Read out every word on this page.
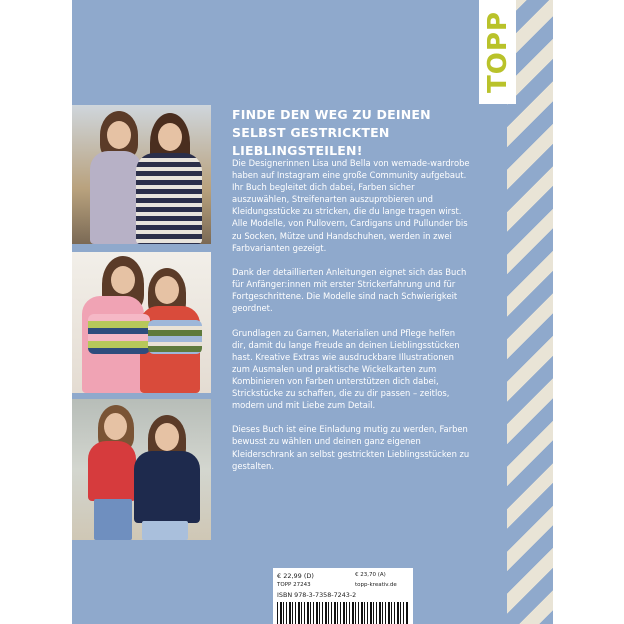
TOPP
FINDE DEN WEG ZU DEINEN SELBST GESTRICKTEN LIEBLINGSTEILEN!

Die Designerinnen Lisa und Bella von wemade-wardrobe haben auf Instagram eine große Community aufgebaut. Ihr Buch begleitet dich dabei, Farben sicher auszuwählen, Streifenarten auszuprobieren und Kleidungsstücke zu stricken, die du lange tragen wirst. Alle Modelle, von Pullovern, Cardigans und Pullunder bis zu Socken, Mütze und Handschuhen, werden in zwei Farbvarianten gezeigt.

Dank der detaillierten Anleitungen eignet sich das Buch für Anfänger:innen mit erster Strickerfahrung und für Fortgeschrittene. Die Modelle sind nach Schwierigkeit geordnet.

Grundlagen zu Garnen, Materialien und Pflege helfen dir, damit du lange Freude an deinen Lieblingsstücken hast. Kreative Extras wie ausdruckbare Illustrationen zum Ausmalen und praktische Wickelkarten zum Kombinieren von Farben unterstützen dich dabei, Strickstücke zu schaffen, die zu dir passen – zeitlos, modern und mit Liebe zum Detail.

Dieses Buch ist eine Einladung mutig zu werden, Farben bewusst zu wählen und deinen ganz eigenen Kleiderschrank an selbst gestrickten Lieblingsstücken zu gestalten.

€ 22,99 (D)	€ 23,70 (A)
TOPP 27243	topp-kreativ.de
ISBN 978-3-7358-7243-2
